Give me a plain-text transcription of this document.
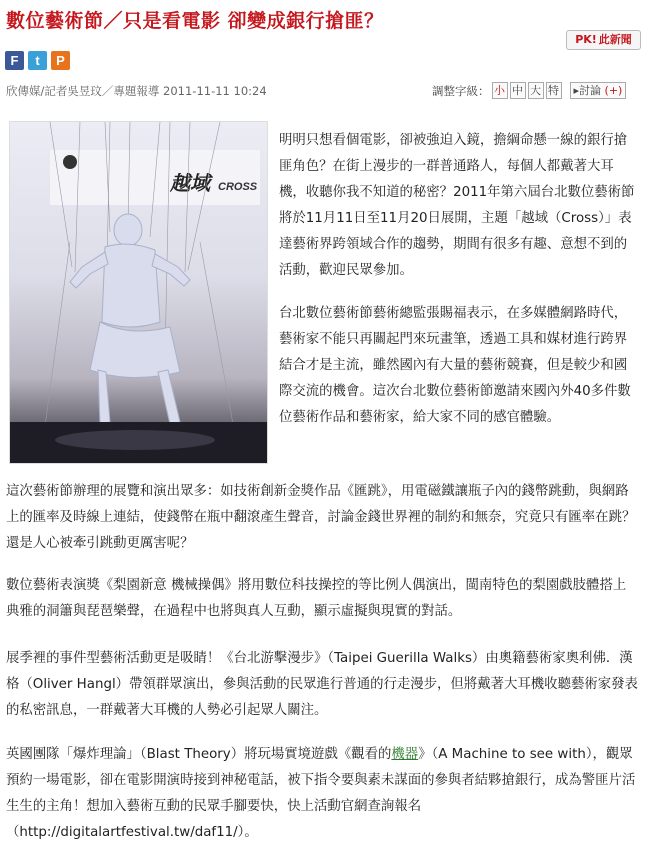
數位藝術節／只是看電影 卻變成銀行搶匪？
PK! 此新聞
F	t	P
欣傳媒/記者吳昱玟／專題報導 2011-11-11 10:24	調整字級： 小 中 大 特	▸討論 (+)
越域 CROSS
明明只想看個電影，卻被強迫入鏡，擔綱命懸一線的銀行搶匪角色？在街上漫步的一群普通路人，每個人都戴著大耳機，收聽你我不知道的秘密？2011年第六屆台北數位藝術節將於11月11日至11月20日展開，主題「越域（Cross）」表達藝術界跨領域合作的趨勢，期間有很多有趣、意想不到的活動，歡迎民眾參加。
台北數位藝術節藝術總監張賜福表示，在多媒體網路時代，藝術家不能只再關起門來玩畫筆，透過工具和媒材進行跨界結合才是主流，雖然國內有大量的藝術競賽，但是較少和國際交流的機會。這次台北數位藝術節邀請來國內外40多件數位藝術作品和藝術家，給大家不同的感官體驗。
這次藝術節辦理的展覽和演出眾多：如技術創新金獎作品《匯跳》，用電磁鐵讓瓶子內的錢幣跳動，與網路上的匯率及時線上連結，使錢幣在瓶中翻滾產生聲音，討論金錢世界裡的制約和無奈，究竟只有匯率在跳？還是人心被牽引跳動更厲害呢？
數位藝術表演獎《梨園新意 機械操偶》將用數位科技操控的等比例人偶演出，閩南特色的梨園戲肢體搭上典雅的洞簫與琵琶樂聲，在過程中也將與真人互動，顯示虛擬與現實的對話。
展季裡的事件型藝術活動更是吸睛！《台北游擊漫步》（Taipei Guerilla Walks）由奧籍藝術家奧利佛．漢格（Oliver Hangl）帶領群眾演出，參與活動的民眾進行普通的行走漫步，但將戴著大耳機收聽藝術家發表的私密訊息，一群戴著大耳機的人勢必引起眾人關注。
英國團隊「爆炸理論」（Blast Theory）將玩場實境遊戲《觀看的機器》（A Machine to see with），觀眾預約一場電影，卻在電影開演時接到神秘電話，被下指令要與素未謀面的參與者結夥搶銀行，成為警匪片活生生的主角！想加入藝術互動的民眾手腳要快，快上活動官網查詢報名（http://digitalartfestival.tw/daf11/）。
